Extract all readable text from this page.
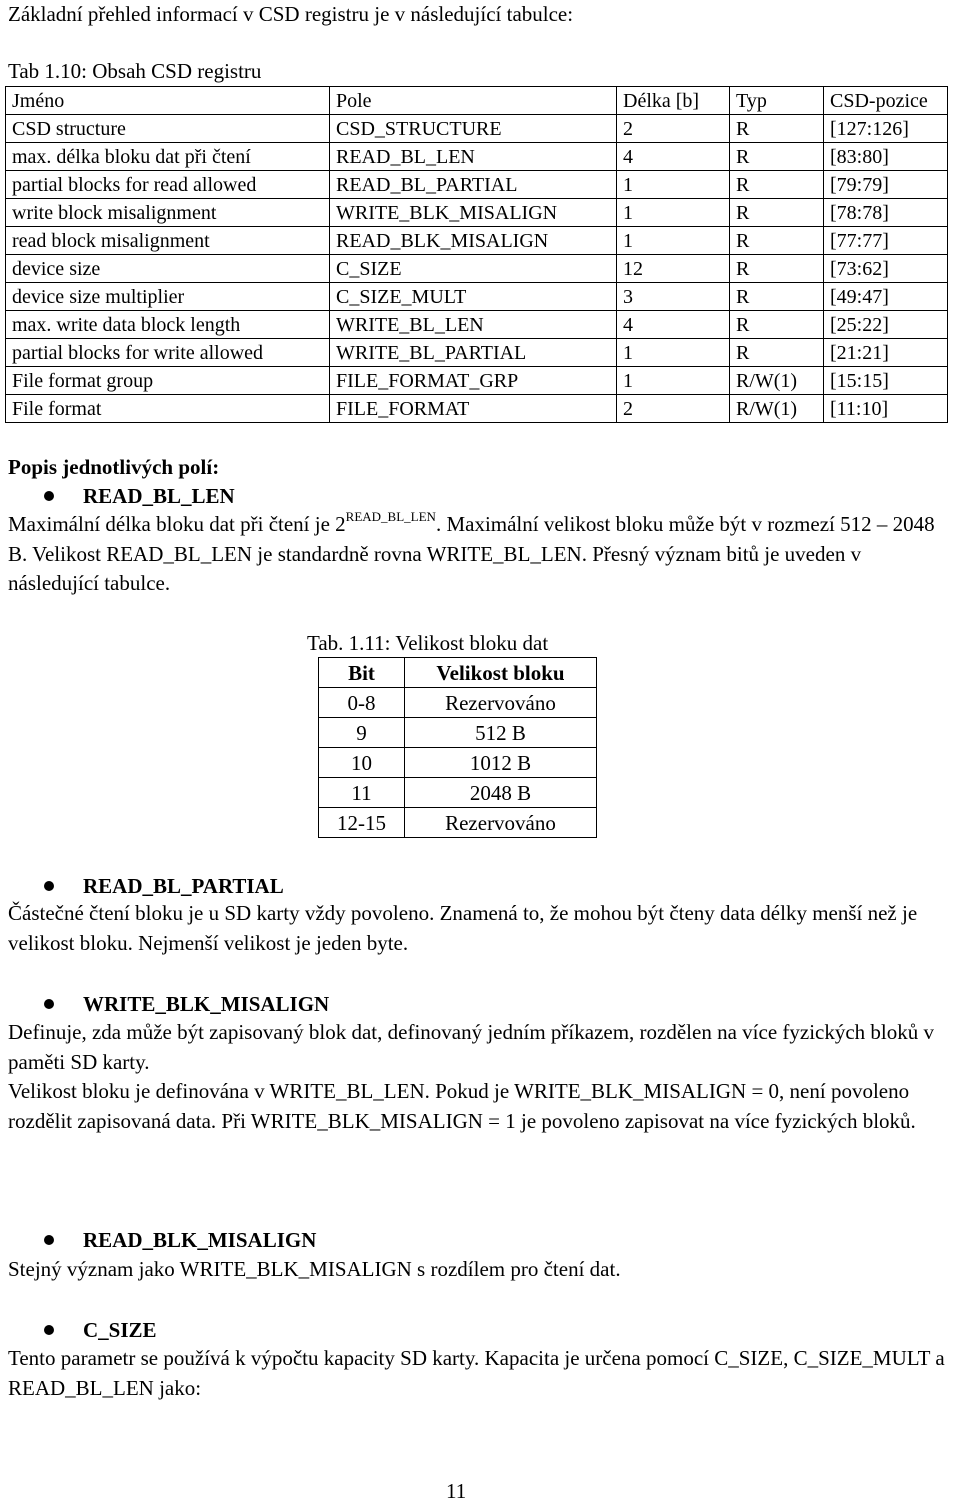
Základní přehled informací v CSD registru je v následující tabulce:
Tab 1.10: Obsah CSD registru
Jméno	Pole	Délka [b]	Typ	CSD-pozice
CSD structure	CSD_STRUCTURE	2	R	[127:126]
max. délka bloku dat při čtení	READ_BL_LEN	4	R	[83:80]
partial blocks for read allowed	READ_BL_PARTIAL	1	R	[79:79]
write block misalignment	WRITE_BLK_MISALIGN	1	R	[78:78]
read block misalignment	READ_BLK_MISALIGN	1	R	[77:77]
device size	C_SIZE	12	R	[73:62]
device size multiplier	C_SIZE_MULT	3	R	[49:47]
max. write data block length	WRITE_BL_LEN	4	R	[25:22]
partial blocks for write allowed	WRITE_BL_PARTIAL	1	R	[21:21]
File format group	FILE_FORMAT_GRP	1	R/W(1)	[15:15]
File format	FILE_FORMAT	2	R/W(1)	[11:10]
Popis jednotlivých polí:
READ_BL_LEN
Maximální délka bloku dat při čtení je $2^{READ\_BL\_LEN}$. Maximální velikost bloku může být v rozmezí 512 – 2048 B. Velikost READ_BL_LEN je standardně rovna WRITE_BL_LEN. Přesný význam bitů je uveden v následující tabulce.
Tab. 1.11: Velikost bloku dat
Bit	Velikost bloku
0-8	Rezervováno
9	512 B
10	1012 B
11	2048 B
12-15	Rezervováno
READ_BL_PARTIAL
Částečné čtení bloku je u SD karty vždy povoleno. Znamená to, že mohou být čteny data délky menší než je velikost bloku. Nejmenší velikost je jeden byte.
WRITE_BLK_MISALIGN
Definuje, zda může být zapisovaný blok dat, definovaný jedním příkazem, rozdělen na více fyzických bloků v paměti SD karty.
Velikost bloku je definována v WRITE_BL_LEN. Pokud je WRITE_BLK_MISALIGN = 0, není povoleno rozdělit zapisovaná data. Při WRITE_BLK_MISALIGN = 1 je povoleno zapisovat na více fyzických bloků.
READ_BLK_MISALIGN
Stejný význam jako WRITE_BLK_MISALIGN s rozdílem pro čtení dat.
C_SIZE
Tento parametr se používá k výpočtu kapacity SD karty. Kapacita je určena pomocí C_SIZE, C_SIZE_MULT a READ_BL_LEN jako:
11
